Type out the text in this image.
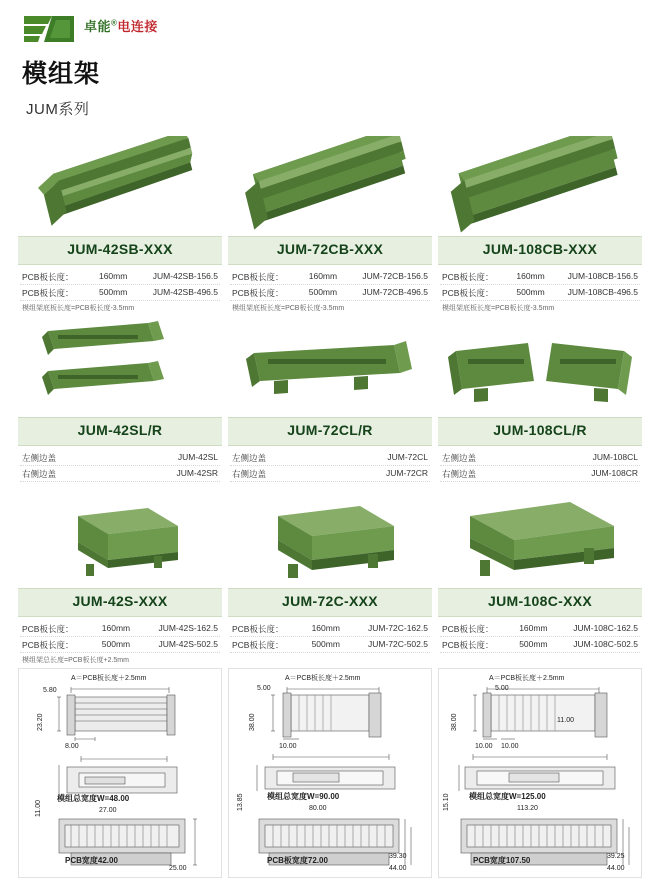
卓能®电连接
模组架
JUM系列
JUM-42SB-XXX
PCB板长度：	160mm	JUM-42SB-156.5
PCB板长度：	500mm	JUM-42SB-496.5
模组架底板长度=PCB板长度-3.5mm
JUM-72CB-XXX
PCB板长度：	160mm	JUM-72CB-156.5
PCB板长度：	500mm	JUM-72CB-496.5
模组架底板长度=PCB板长度-3.5mm
JUM-108CB-XXX
PCB板长度：	160mm	JUM-108CB-156.5
PCB板长度：	500mm	JUM-108CB-496.5
模组架底板长度=PCB板长度-3.5mm
JUM-42SL/R
左侧边盖	JUM-42SL
右侧边盖	JUM-42SR
JUM-72CL/R
左侧边盖	JUM-72CL
右侧边盖	JUM-72CR
JUM-108CL/R
左侧边盖	JUM-108CL
右侧边盖	JUM-108CR
JUM-42S-XXX
PCB板长度：	160mm	JUM-42S-162.5
PCB板长度：	500mm	JUM-42S-502.5
模组架总长度=PCB板长度+2.5mm
JUM-72C-XXX
PCB板长度：	160mm	JUM-72C-162.5
PCB板长度：	500mm	JUM-72C-502.5
JUM-108C-XXX
PCB板长度：	160mm	JUM-108C-162.5
PCB板长度：	500mm	JUM-108C-502.5
A＝PCB板长度＋2.5mm
5.80
23.20
8.00
模组总宽度W=48.00
27.00
11.00
PCB宽度42.00
25.00
A＝PCB板长度＋2.5mm
5.00
38.00
10.00
模组总宽度W=90.00
80.00
13.85
PCB板宽度72.00	39.30
44.00
A＝PCB板长度＋2.5mm
5.00
38.00	11.00
10.00 10.00
模组总宽度W=125.00
113.20
15.10
PCB宽度107.50	39.25
44.00
